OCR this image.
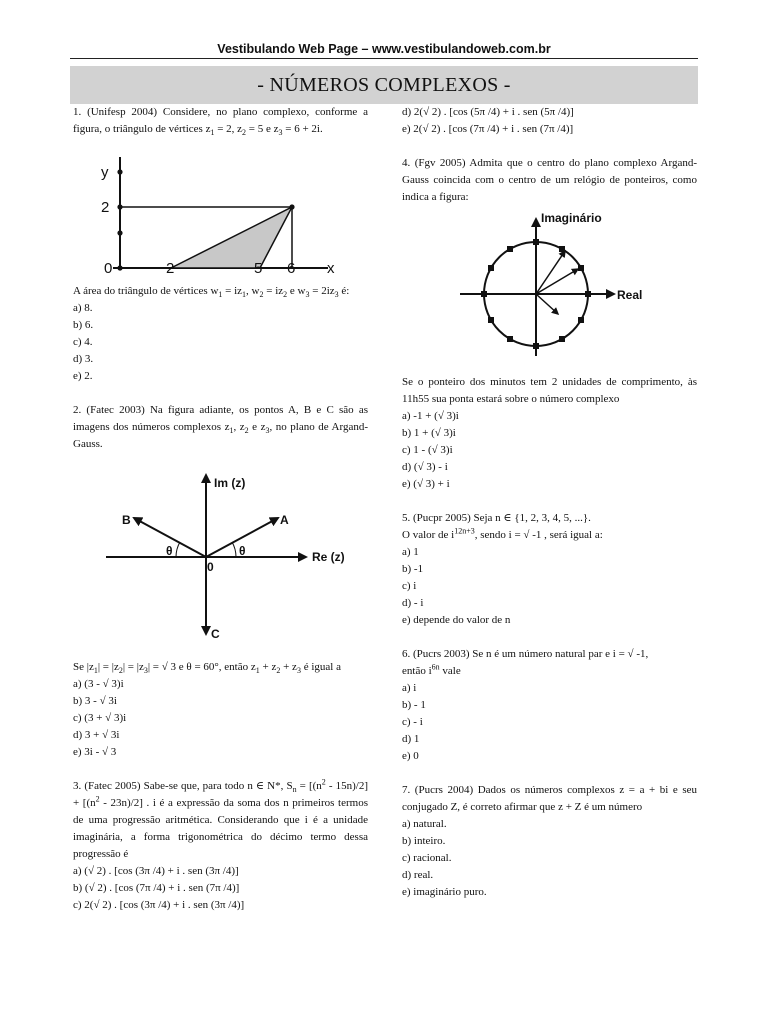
Vestibulando Web Page – www.vestibulandoweb.com.br
- NÚMEROS COMPLEXOS -

1. (Unifesp 2004) Considere, no plano complexo, conforme a figura, o triângulo de vértices $z_1 = 2$, $z_2 = 5$ e $z_3 = 6 + 2i$.

y
2
0	2	5 6 x

A área do triângulo de vértices $w_1 = iz_1$, $w_2 = iz_2$ e $w_3 = 2iz_3$ é:

a) 8.

b) 6.

c) 4.

d) 3.

e) 2.

2. (Fatec 2003) Na figura adiante, os pontos A, B e C são as imagens dos números complexos $z_1$, $z_2$ e $z_3$, no plano de Argand-Gauss.

Im (z)
Re (z)
0
A
B
C
θ
θ

Se $|z_1| = |z_2| = |z_3|$ = √ 3 e θ = 60°, então $z_1 + z_2 + z_3$ é igual a

a) (3 - √ 3)i

b) 3 - √ 3i

c) (3 + √ 3)i

d) 3 + √ 3i

e) 3i - √ 3

3. (Fatec 2005) Sabe-se que, para todo n ∈ N*, $S_n = [(n^2 - 15n)/2] + [(n^2 - 23n)/2]$ . i é a expressão da soma dos n primeiros termos de uma progressão aritmética. Considerando que i é a unidade imaginária, a forma trigonométrica do décimo termo dessa progressão é

a) (√ 2) . [cos (3π /4) + i . sen (3π /4)]

b) (√ 2) . [cos (7π /4) + i . sen (7π /4)]

c) 2(√ 2) . [cos (3π /4) + i . sen (3π /4)]

d) 2(√ 2) . [cos (5π /4) + i . sen (5π /4)]

e) 2(√ 2) . [cos (7π /4) + i . sen (7π /4)]

4. (Fgv 2005) Admita que o centro do plano complexo Argand-Gauss coincida com o centro de um relógio de ponteiros, como indica a figura:

Imaginário
Real

Se o ponteiro dos minutos tem 2 unidades de comprimento, às 11h55 sua ponta estará sobre o número complexo

a) -1 + (√ 3)i

b) 1 + (√ 3)i

c) 1 - (√ 3)i

d) (√ 3) - i

e) (√ 3) + i

5. (Pucpr 2005) Seja n ∈ {1, 2, 3, 4, 5, ...}.

O valor de $i^{12n+3}$, sendo i = √ -1 , será igual a:

a) 1

b) -1

c) i

d) - i

e) depende do valor de n

6. (Pucrs 2003) Se n é um número natural par e i = √ -1,

então $i^{6n}$ vale

a) i

b) - 1

c) - i

d) 1

e) 0

7. (Pucrs 2004) Dados os números complexos z = a + bi e seu conjugado Z, é correto afirmar que z + Z é um número

a) natural.

b) inteiro.

c) racional.

d) real.

e) imaginário puro.
